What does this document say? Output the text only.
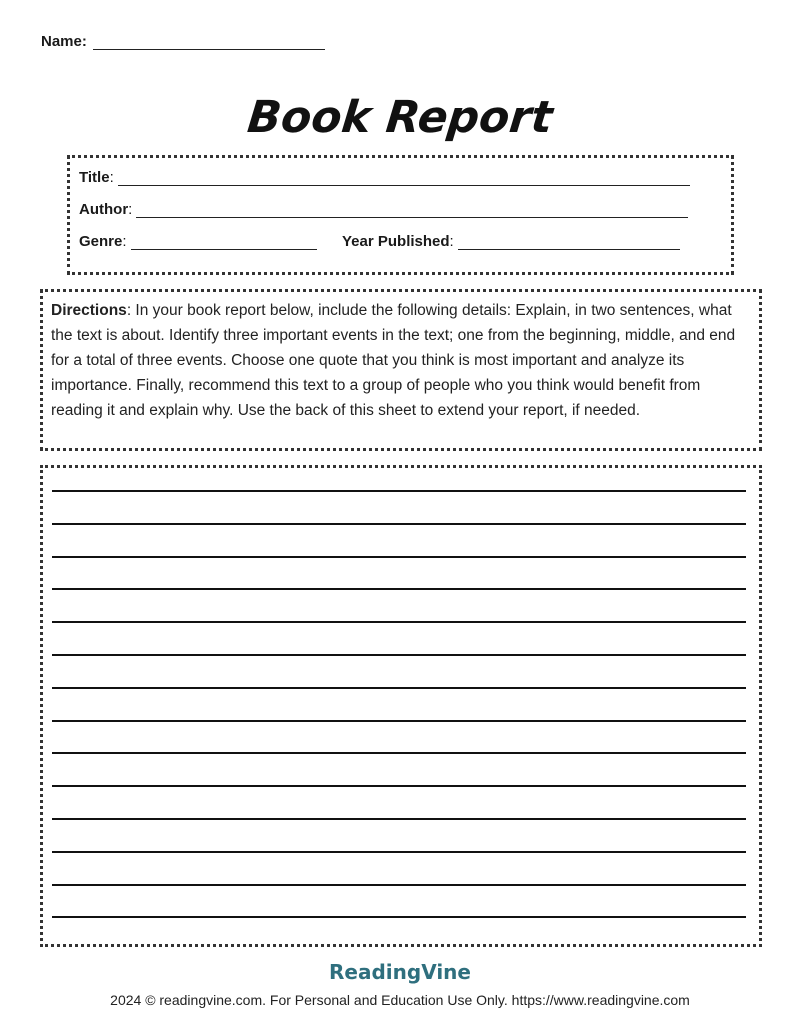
Name:
Book Report
Title :
Author :
Genre :	Year Published :
Directions: In your book report below, include the following details: Explain, in two sentences, what the text is about. Identify three important events in the text; one from the beginning, middle, and end for a total of three events. Choose one quote that you think is most important and analyze its importance. Finally, recommend this text to a group of people who you think would benefit from reading it and explain why. Use the back of this sheet to extend your report, if needed.
ReadingVine
2024 © readingvine.com. For Personal and Education Use Only. https://www.readingvine.com
